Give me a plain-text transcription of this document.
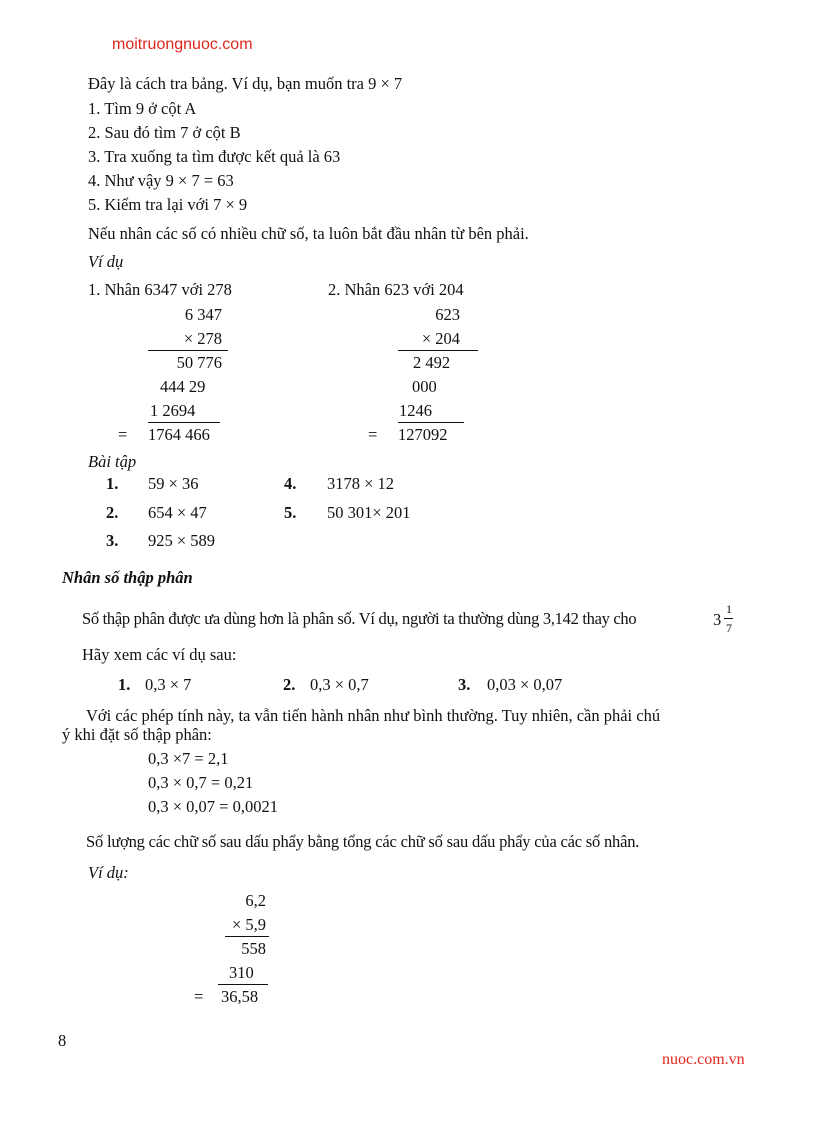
moitruongnuoc.com
Đây là cách tra bảng. Ví dụ, bạn muốn tra 9 × 7
1. Tìm 9 ở cột A
2. Sau đó tìm 7 ở cột B
3. Tra xuống ta tìm được kết quả là 63
4. Như vậy 9 × 7 = 63
5. Kiểm tra lại với 7 × 9
Nếu nhân các số có nhiều chữ số, ta luôn bắt đầu nhân từ bên phải.
Ví dụ
1. Nhân 6347 với 278
6 347
× 278
50 776
444 29
1 2694
= 1764 466
2. Nhân 623 với 204
623
× 204
2 492
000
1246
= 127092
Bài tập
1. 59 × 36
2. 654 × 47
3. 925 × 589
4. 3178 × 12
5. 50 301× 201
Nhân số thập phân
Số thập phân được ưa dùng hơn là phân số. Ví dụ, người ta thường dùng 3,142 thay cho	3
1
7
Hãy xem các ví dụ sau:
1. 0,3 × 7	2. 0,3 × 0,7	3. 0,03 × 0,07
Với các phép tính này, ta vẫn tiến hành nhân như bình thường. Tuy nhiên, cần phải chú
ý khi đặt số thập phân:
0,3 ×7 = 2,1
0,3 × 0,7 = 0,21
0,3 × 0,07 = 0,0021
Số lượng các chữ số sau dấu phẩy bằng tổng các chữ số sau dấu phẩy của các số nhân.
Ví dụ:
6,2
× 5,9
558
310
= 36,58
8
nuoc.com.vn
